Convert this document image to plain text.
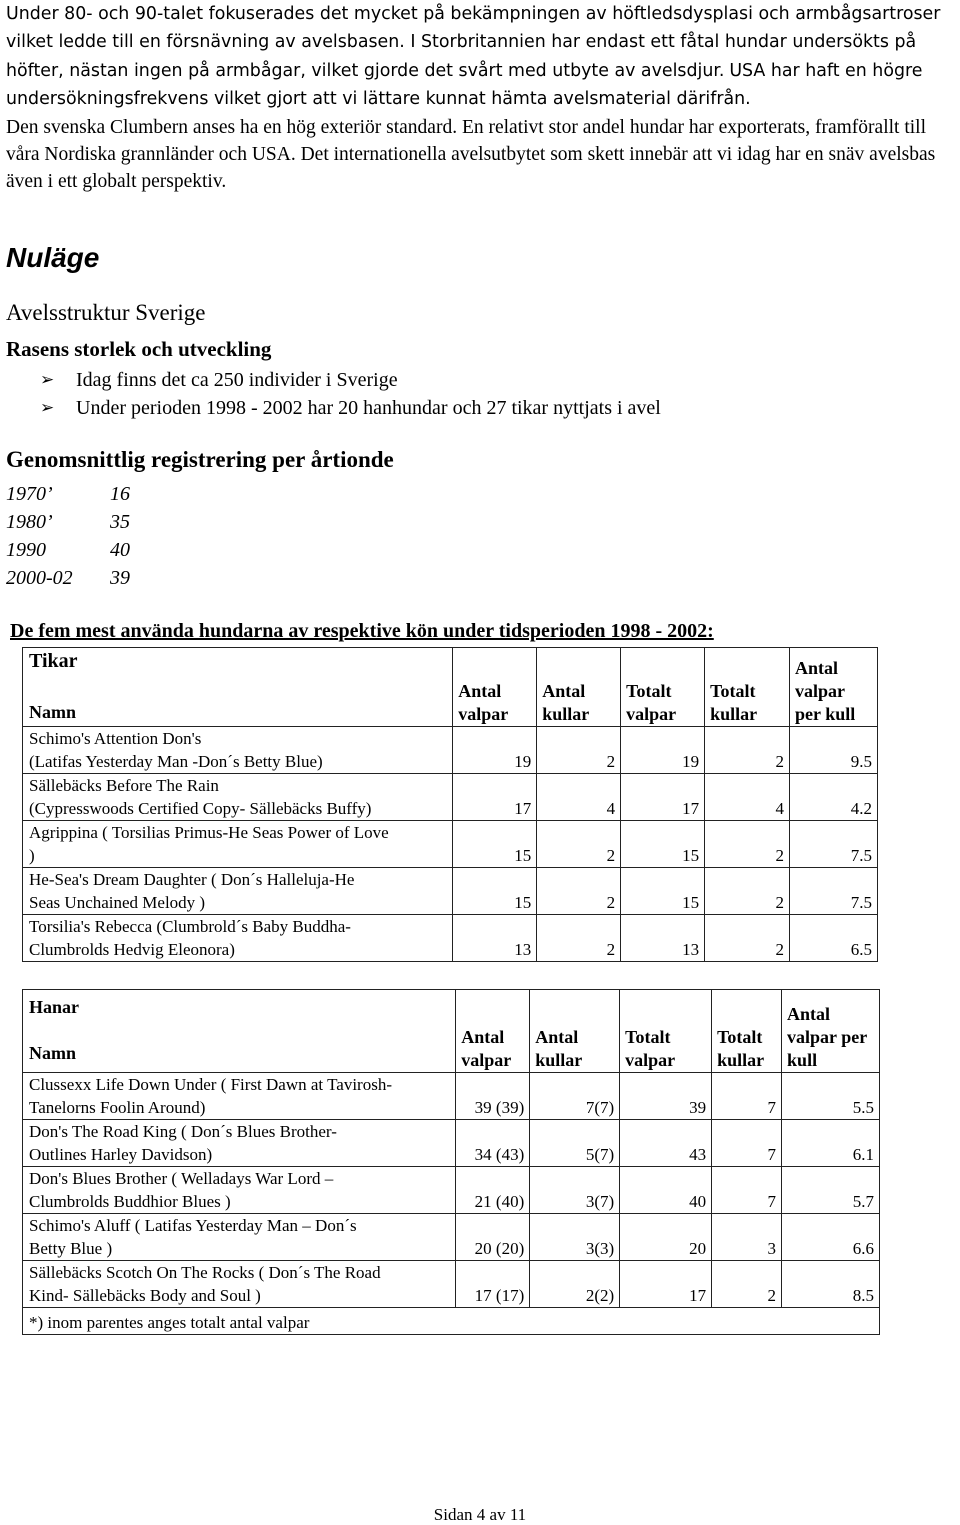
Under 80- och 90-talet fokuserades det mycket på bekämpningen av höftledsdysplasi och armbågsartroser vilket ledde till en försnävning av avelsbasen. I Storbritannien har endast ett fåtal hundar undersökts på höfter, nästan ingen på armbågar, vilket gjorde det svårt med utbyte av avelsdjur. USA har haft en högre undersökningsfrekvens vilket gjort att vi lättare kunnat hämta avelsmaterial därifrån.

Den svenska Clumbern anses ha en hög exteriör standard. En relativt stor andel hundar har exporterats, framförallt till våra Nordiska grannländer och USA. Det internationella avelsutbytet som skett innebär att vi idag har en snäv avelsbas även i ett globalt perspektiv.

Nuläge
Avelsstruktur Sverige
Rasens storlek och utveckling
➢	Idag finns det ca 250 individer i Sverige
➢	Under perioden 1998 - 2002 har 20 hanhundar och 27 tikar nyttjats i avel
Genomsnittlig registrering per årtionde
1970’	16
1980’	35
1990	40
2000-02 39
De fem mest använda hundarna av respektive kön under tidsperioden 1998 - 2002:
Tikar
Namn	Antal valpar	Antal kullar	Totalt valpar	Totalt kullar	Antal valpar per kull

Schimo's Attention Don's
(Latifas Yesterday Man -Don´s Betty Blue)	19	2	19	2	9.5

Sällebäcks Before The Rain
(Cypresswoods Certified Copy- Sällebäcks Buffy)	17	4	17	4	4.2

Agrippina ( Torsilias Primus-He Seas Power of Love
)	15	2	15	2	7.5

He-Sea's Dream Daughter ( Don´s Halleluja-He
Seas Unchained Melody )	15	2	15	2	7.5

Torsilia's Rebecca (Clumbrold´s Baby Buddha-
Clumbrolds Hedvig Eleonora)	13	2	13	2	6.5
Hanar
Namn	Antal valpar	Antal kullar	Totalt valpar	Totalt kullar	Antal valpar per kull

Clussexx Life Down Under ( First Dawn at Tavirosh-
Tanelorns Foolin Around)	39 (39)	7(7)	39	7	5.5

Don's The Road King ( Don´s Blues Brother-
Outlines Harley Davidson)	34 (43)	5(7)	43	7	6.1

Don's Blues Brother ( Welladays War Lord –
Clumbrolds Buddhior Blues )	21 (40)	3(7)	40	7	5.7

Schimo's Aluff ( Latifas Yesterday Man – Don´s
Betty Blue )	20 (20)	3(3)	20	3	6.6

Sällebäcks Scotch On The Rocks ( Don´s The Road
Kind- Sällebäcks Body and Soul )	17 (17)	2(2)	17	2	8.5
*) inom parentes anges totalt antal valpar					
Sidan 4 av 11
